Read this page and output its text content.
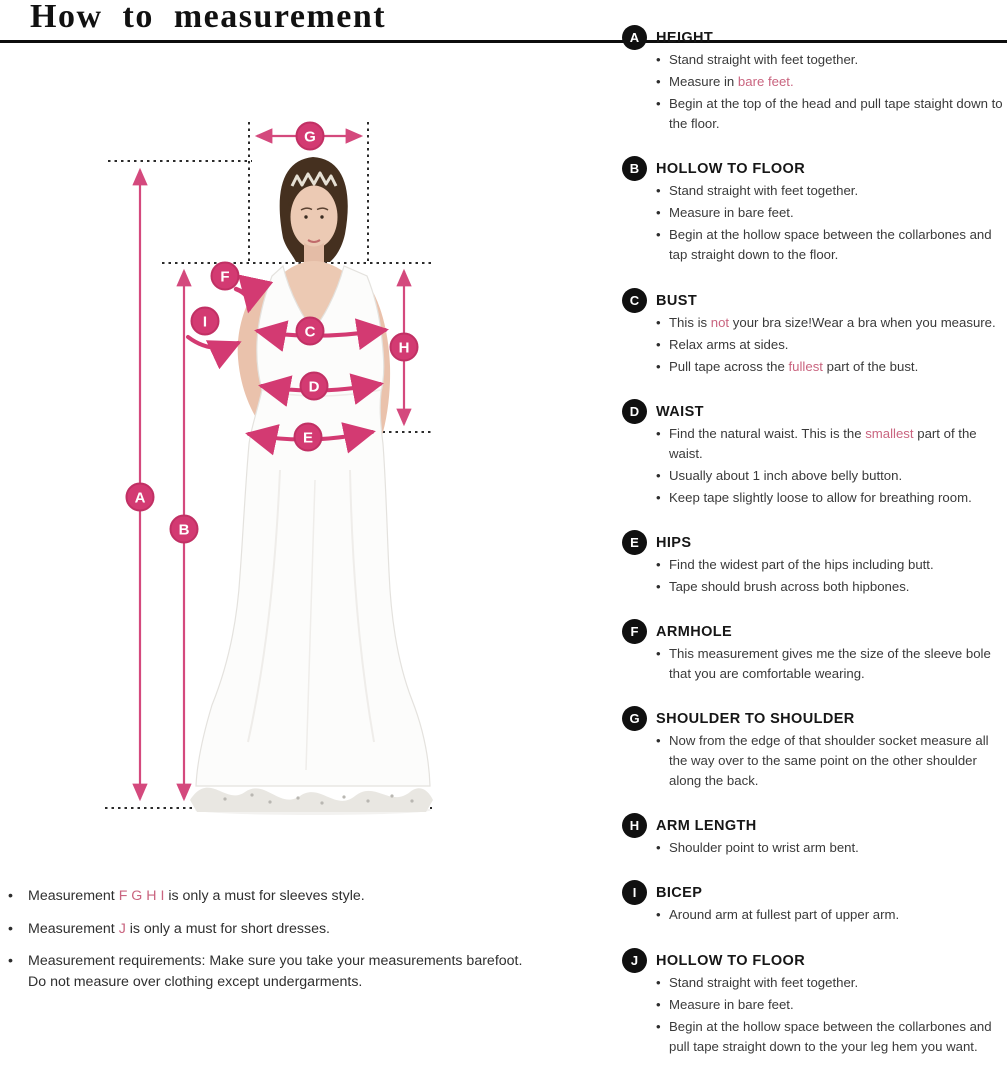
How to measurement
A
B
C
D
E
F
G
H
I
A	HEIGHT
• Stand straight with feet together.
• Measure in bare feet.
• Begin at the top of the head and pull tape staight down to the floor.
B	HOLLOW TO FLOOR
• Stand straight with feet together.
• Measure in bare feet.
• Begin at the hollow space between the collarbones and tap straight down to the floor.
C	BUST
• This is not your bra size!Wear a bra when you measure.
• Relax arms at sides.
• Pull tape across the fullest part of the bust.
D	WAIST
• Find the natural waist. This is the smallest part of the waist.
• Usually about 1 inch above belly button.
• Keep tape slightly loose to allow for breathing room.
E	HIPS
• Find the widest part of the hips including butt.
• Tape should brush across both hipbones.
F	ARMHOLE
• This measurement gives me the size of the sleeve bole that you are comfortable wearing.
G	SHOULDER TO SHOULDER
• Now from the edge of that shoulder socket measure all the way over to the same point on the other shoulder along the back.
H	ARM LENGTH
• Shoulder point to wrist arm bent.
I	BICEP
• Around arm at fullest part of upper arm.
J	HOLLOW TO FLOOR
• Stand straight with feet together.
• Measure in bare feet.
• Begin at the hollow space between the collarbones and pull tape straight down to the your leg hem you want.
• Measurement F G H I is only a must for sleeves style.
• Measurement J is only a must for short dresses.
• Measurement requirements: Make sure you take your measurements barefoot.
Do not measure over clothing except undergarments.
